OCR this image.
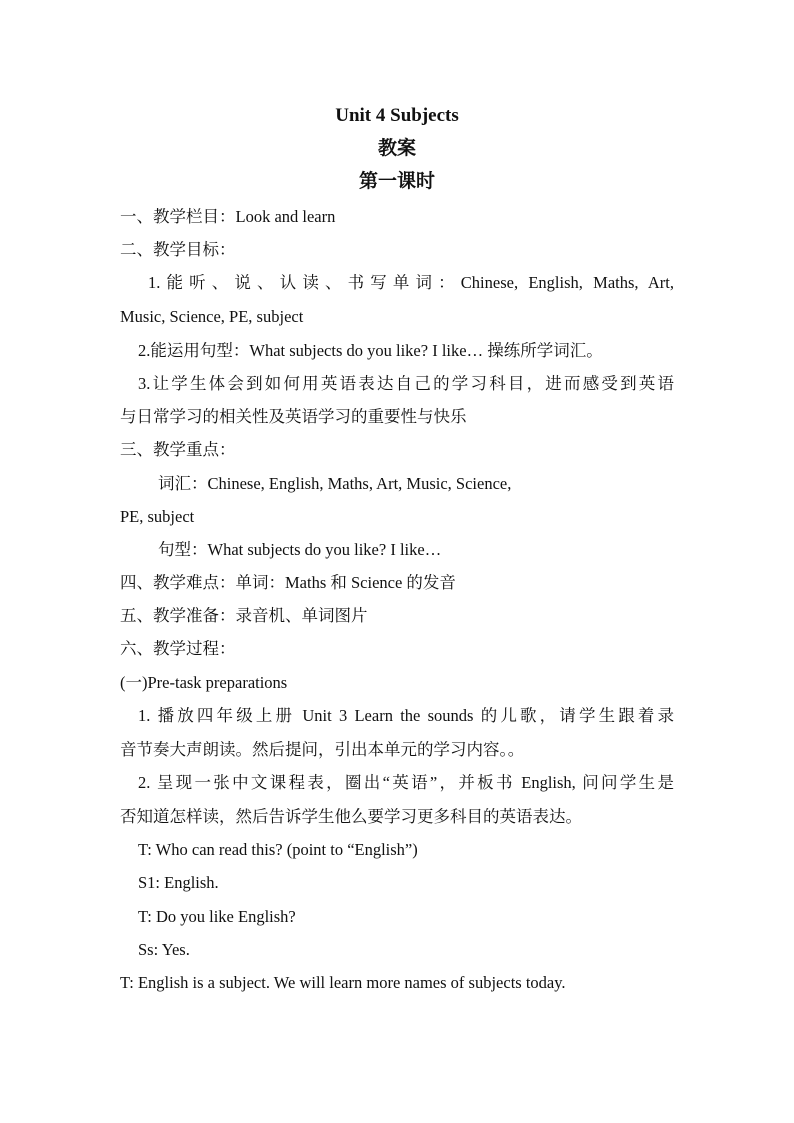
Unit 4 Subjects
教案
第一课时
一、教学栏目：Look and learn
二、教学目标：
1.能听、说、认读、书写单词：Chinese, English, Maths, Art,
Music, Science, PE, subject
2.能运用句型：What subjects do you like? I like… 操练所学词汇。
3.让学生体会到如何用英语表达自己的学习科目，进而感受到英语
与日常学习的相关性及英语学习的重要性与快乐
三、教学重点：
词汇：Chinese, English, Maths, Art, Music, Science,
PE, subject
句型：What subjects do you like? I like…
四、教学难点：单词：Maths 和 Science 的发音
五、教学准备：录音机、单词图片
六、教学过程：
(一)Pre-task preparations
1. 播放四年级上册 Unit 3 Learn the sounds 的儿歌，请学生跟着录
音节奏大声朗读。然后提问，引出本单元的学习内容。。
2. 呈现一张中文课程表，圈出“英语”，并板书 English, 问问学生是
否知道怎样读，然后告诉学生他么要学习更多科目的英语表达。
T: Who can read this? (point to “English”)
S1: English.
T: Do you like English?
Ss: Yes.
T: English is a subject. We will learn more names of subjects today.
